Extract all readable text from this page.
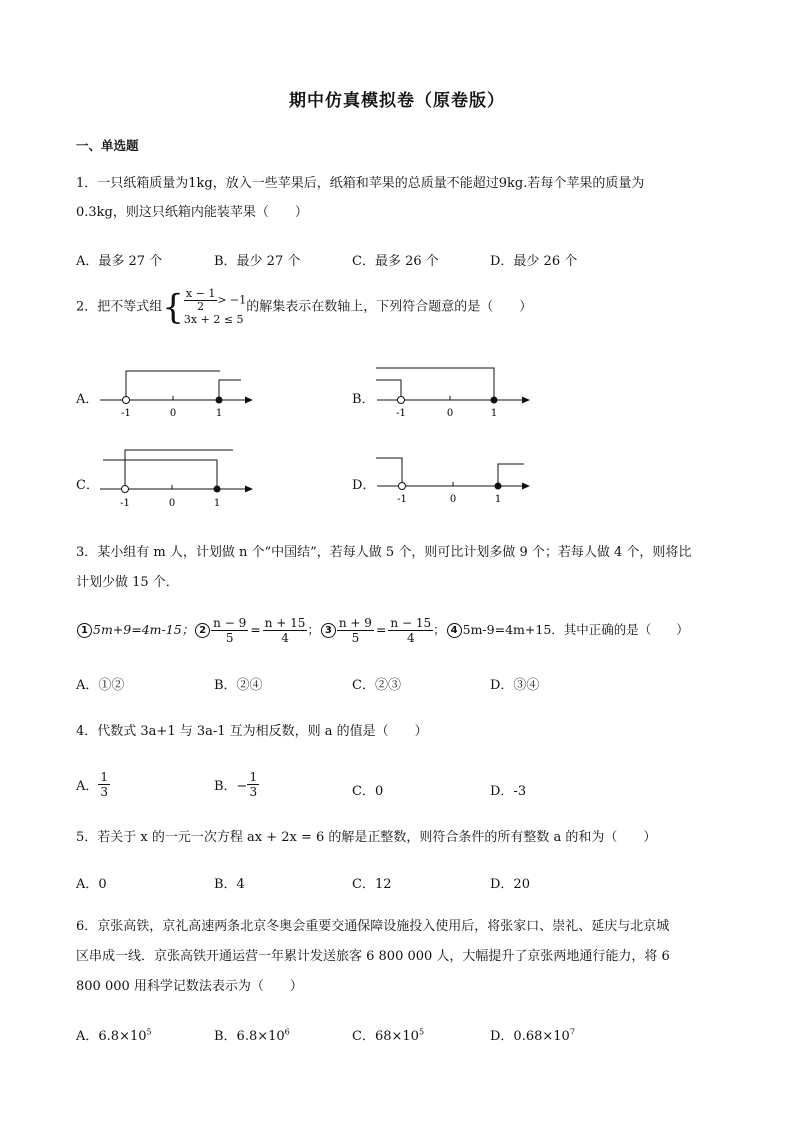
期中仿真模拟卷（原卷版）
一、单选题
1．一只纸箱质量为1kg，放入一些苹果后，纸箱和苹果的总质量不能超过9kg.若每个苹果的质量为
0.3kg，则这只纸箱内能装苹果（　　）
A．最多 27 个	B．最少 27 个	C．最多 26 个	D．最少 26 个
2．把不等式组{ $\frac{x - 1}{2} > -1$
3x + 2 ≤ 5
的解集表示在数轴上，下列符合题意的是（　　）
A．	B．
C．	D．
-1	0	1	-1	0	1
-1	0	1	-1	0	1
3．某小组有 m 人，计划做 n 个“中国结”，若每人做 5 个，则可比计划多做 9 个；若每人做 4 个，则将比
计划少做 15 个．
1 5m+9=4m-15； $2 \frac{n - 9}{5} = \frac{n + 15}{4}$ ； $3 \frac{n + 9}{5} = \frac{n - 15}{4}$ ； 4 5m-9=4m+15．其中正确的是（　　）
A．①②	B．②④	C．②③	D．③④
4．代数式 3a+1 与 3a-1 互为相反数，则 a 的值是（　　）
A． $\frac{1}{3}$	B．− $\frac{1}{3}$	C．0	D．-3
5．若关于 x 的一元一次方程 ax + 2x = 6 的解是正整数，则符合条件的所有整数 a 的和为（　　）
A．0	B．4	C．12	D．20
6．京张高铁，京礼高速两条北京冬奥会重要交通保障设施投入使用后，将张家口、崇礼、延庆与北京城
区串成一线．京张高铁开通运营一年累计发送旅客 6 800 000 人，大幅提升了京张两地通行能力，将 6
800 000 用科学记数法表示为（　　）
A．$6.8\times 10^5$	B．$6.8\times 10^6$	C．$68\times 10^5$	D．$0.68\times 10^7$
